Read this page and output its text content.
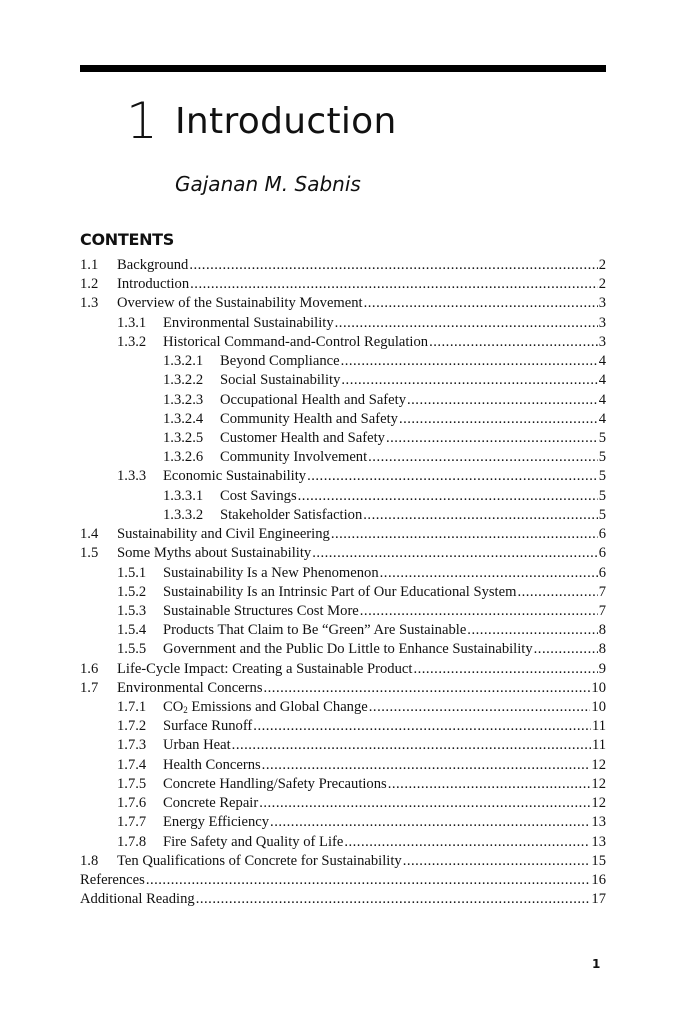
1 Introduction
Gajanan M. Sabnis
CONTENTS
1.1	Background .....	2
1.2	Introduction .....	2
1.3	Overview of the Sustainability Movement .....	3
1.3.1	Environmental Sustainability .....	3
1.3.2	Historical Command-and-Control Regulation .....	3
1.3.2.1	Beyond Compliance .....	4
1.3.2.2	Social Sustainability .....	4
1.3.2.3	Occupational Health and Safety .....	4
1.3.2.4	Community Health and Safety .....	4
1.3.2.5	Customer Health and Safety .....	5
1.3.2.6	Community Involvement .....	5
1.3.3	Economic Sustainability .....	5
1.3.3.1	Cost Savings .....	5
1.3.3.2	Stakeholder Satisfaction .....	5
1.4	Sustainability and Civil Engineering .....	6
1.5	Some Myths about Sustainability .....	6
1.5.1	Sustainability Is a New Phenomenon .....	6
1.5.2	Sustainability Is an Intrinsic Part of Our Educational System .....	7
1.5.3	Sustainable Structures Cost More .....	7
1.5.4	Products That Claim to Be “Green” Are Sustainable .....	8
1.5.5	Government and the Public Do Little to Enhance Sustainability .....	8
1.6	Life-Cycle Impact: Creating a Sustainable Product .....	9
1.7	Environmental Concerns .....	10
1.7.1	$CO_2$ Emissions and Global Change .....	10
1.7.2	Surface Runoff .....	11
1.7.3	Urban Heat .....	11
1.7.4	Health Concerns .....	12
1.7.5	Concrete Handling/Safety Precautions .....	12
1.7.6	Concrete Repair .....	12
1.7.7	Energy Efficiency .....	13
1.7.8	Fire Safety and Quality of Life .....	13
1.8	Ten Qualifications of Concrete for Sustainability .....	15
References .....	16
Additional Reading .....	17
1
